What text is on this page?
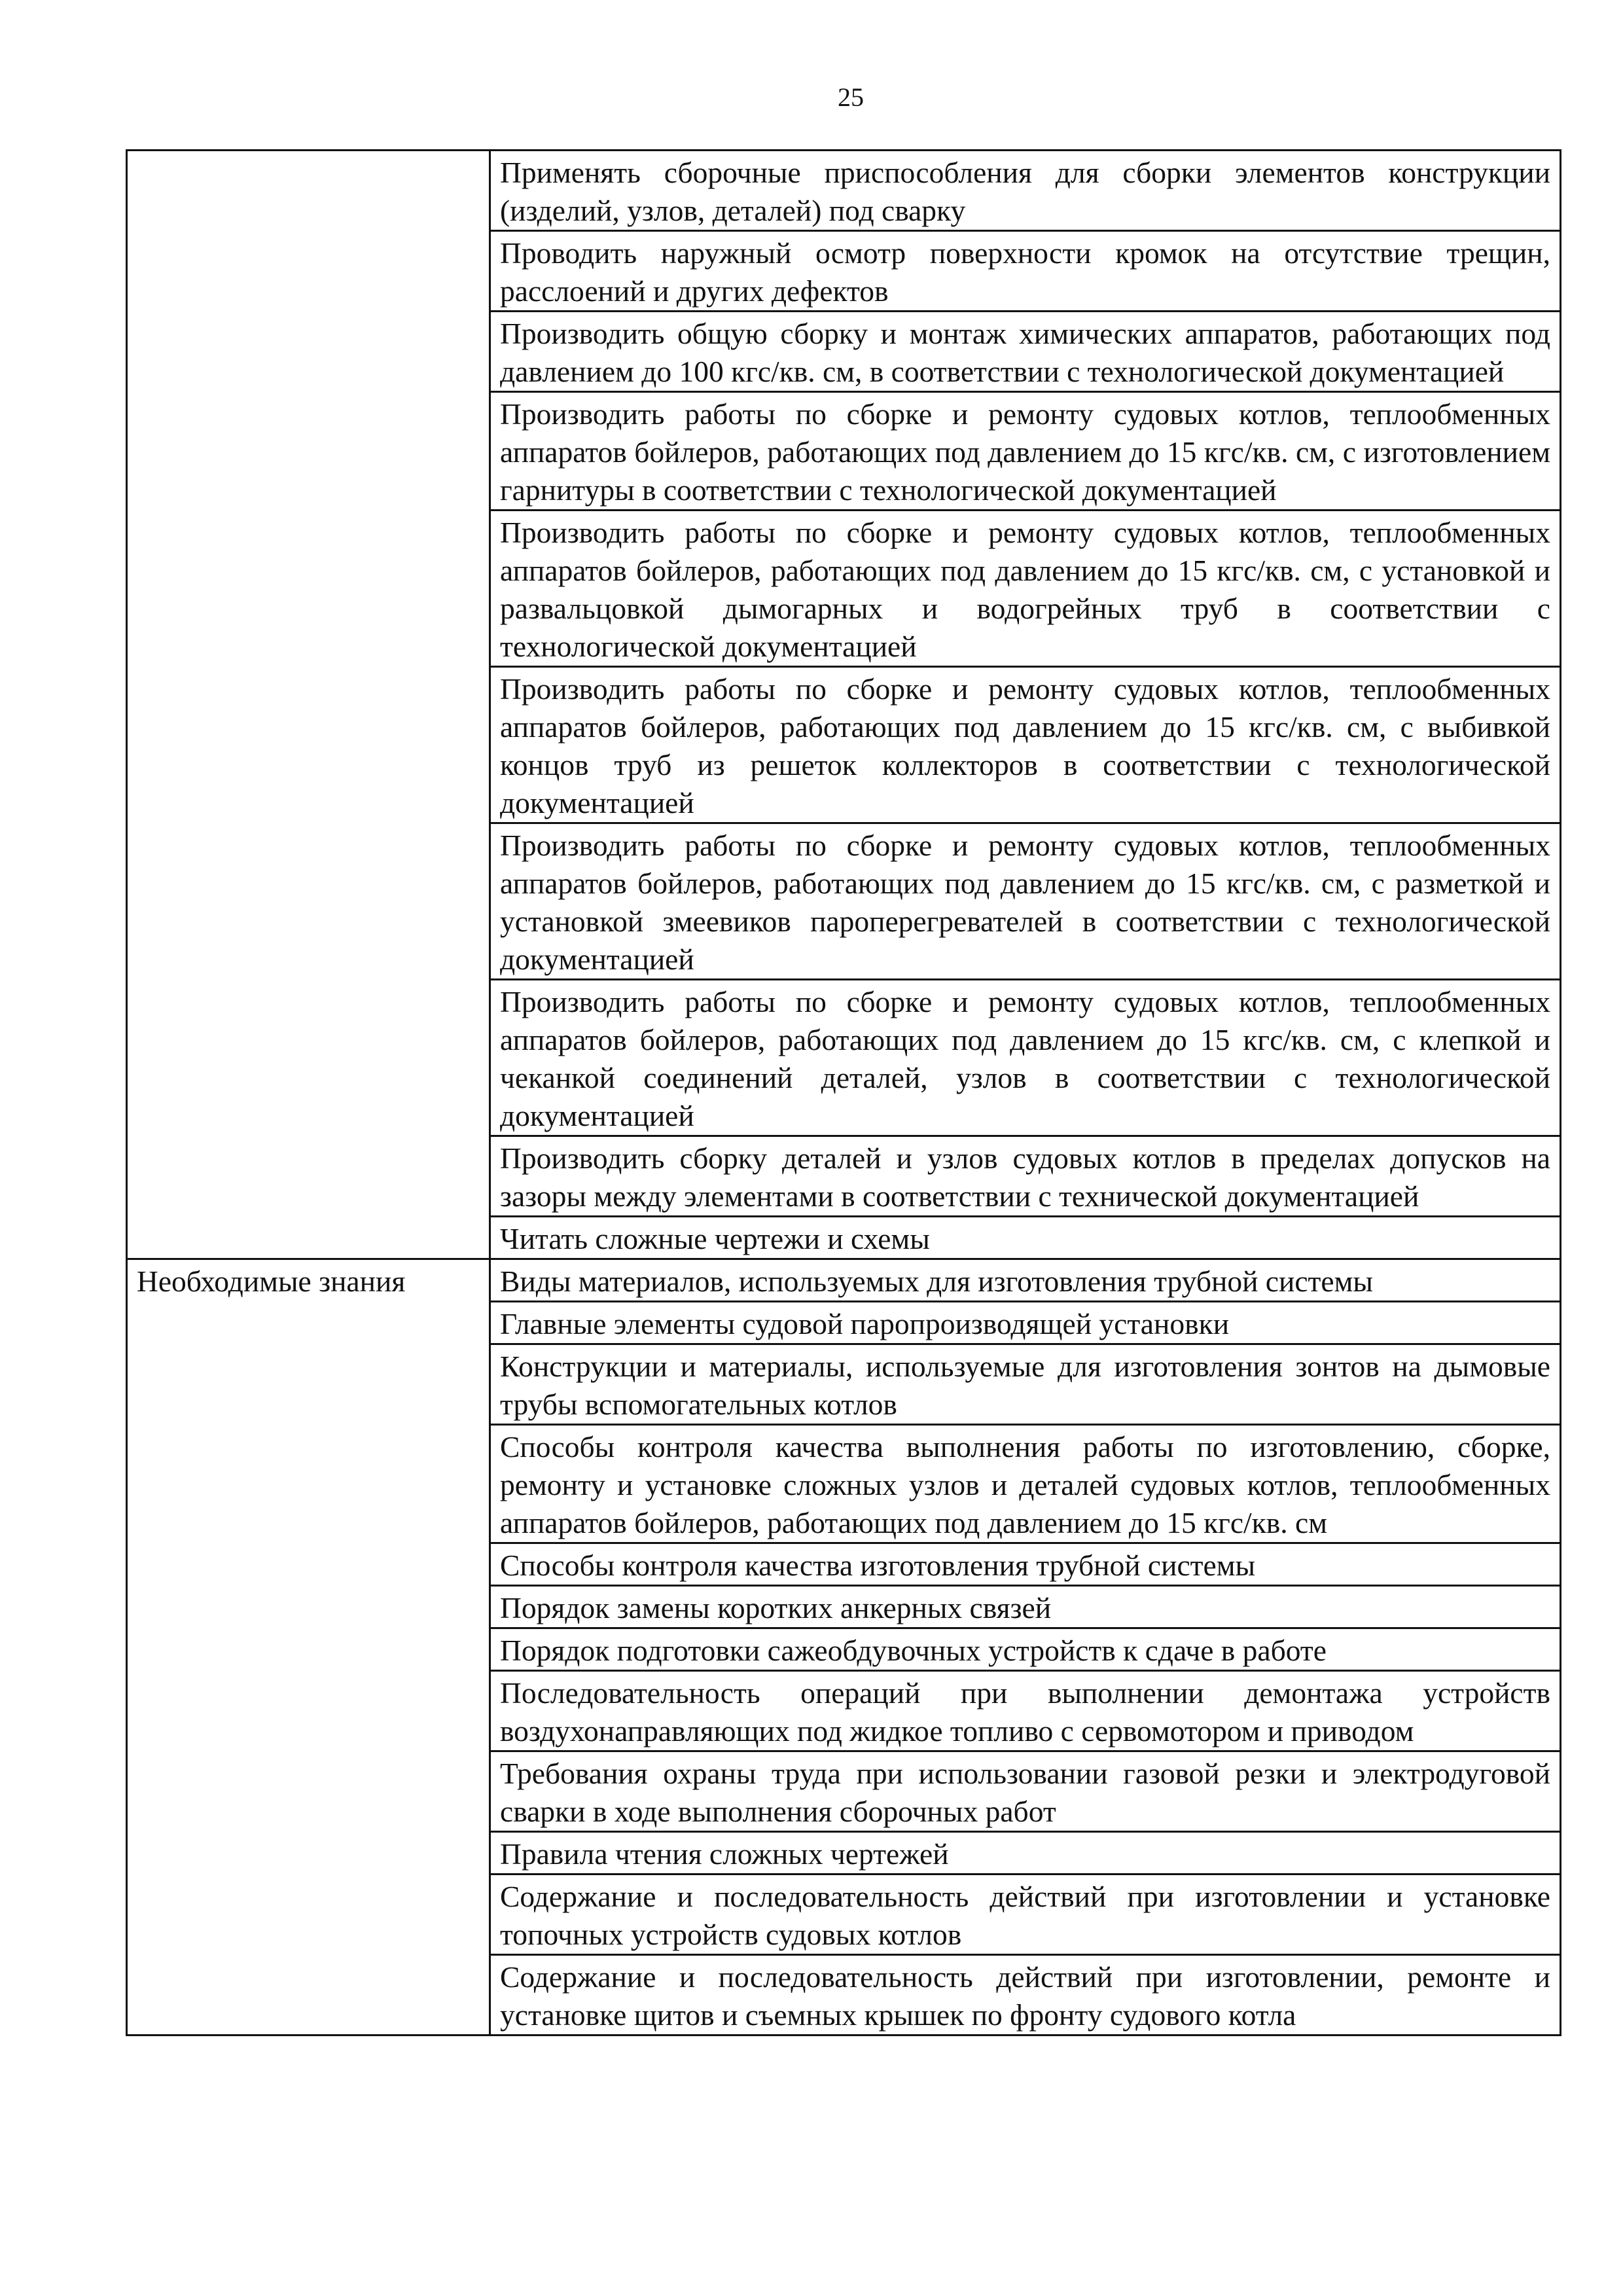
25
	Применять сборочные приспособления для сборки элементов конструкции (изделий, узлов, деталей) под сварку
	Проводить наружный осмотр поверхности кромок на отсутствие трещин, расслоений и других дефектов
	Производить общую сборку и монтаж химических аппаратов, работающих под давлением до 100 кгс/кв. см, в соответствии с технологической документацией
	Производить работы по сборке и ремонту судовых котлов, теплообменных аппаратов бойлеров, работающих под давлением до 15 кгс/кв. см, с изготовлением гарнитуры в соответствии с технологической документацией
	Производить работы по сборке и ремонту судовых котлов, теплообменных аппаратов бойлеров, работающих под давлением до 15 кгс/кв. см, с установкой и развальцовкой дымогарных и водогрейных труб в соответствии с технологической документацией
	Производить работы по сборке и ремонту судовых котлов, теплообменных аппаратов бойлеров, работающих под давлением до 15 кгс/кв. см, с выбивкой концов труб из решеток коллекторов в соответствии с технологической документацией
	Производить работы по сборке и ремонту судовых котлов, теплообменных аппаратов бойлеров, работающих под давлением до 15 кгс/кв. см, с разметкой и установкой змеевиков пароперегревателей в соответствии с технологической документацией
	Производить работы по сборке и ремонту судовых котлов, теплообменных аппаратов бойлеров, работающих под давлением до 15 кгс/кв. см, с клепкой и чеканкой соединений деталей, узлов в соответствии с технологической документацией
	Производить сборку деталей и узлов судовых котлов в пределах допусков на зазоры между элементами в соответствии с технической документацией
	Читать сложные чертежи и схемы
Необходимые знания	Виды материалов, используемых для изготовления трубной системы
	Главные элементы судовой паропроизводящей установки
	Конструкции и материалы, используемые для изготовления зонтов на дымовые трубы вспомогательных котлов
	Способы контроля качества выполнения работы по изготовлению, сборке, ремонту и установке сложных узлов и деталей судовых котлов, теплообменных аппаратов бойлеров, работающих под давлением до 15 кгс/кв. см
	Способы контроля качества изготовления трубной системы
	Порядок замены коротких анкерных связей
	Порядок подготовки сажеобдувочных устройств к сдаче в работе
	Последовательность операций при выполнении демонтажа устройств воздухонаправляющих под жидкое топливо с сервомотором и приводом
	Требования охраны труда при использовании газовой резки и электродуговой сварки в ходе выполнения сборочных работ
	Правила чтения сложных чертежей
	Содержание и последовательность действий при изготовлении и установке топочных устройств судовых котлов
	Содержание и последовательность действий при изготовлении, ремонте и установке щитов и съемных крышек по фронту судового котла
